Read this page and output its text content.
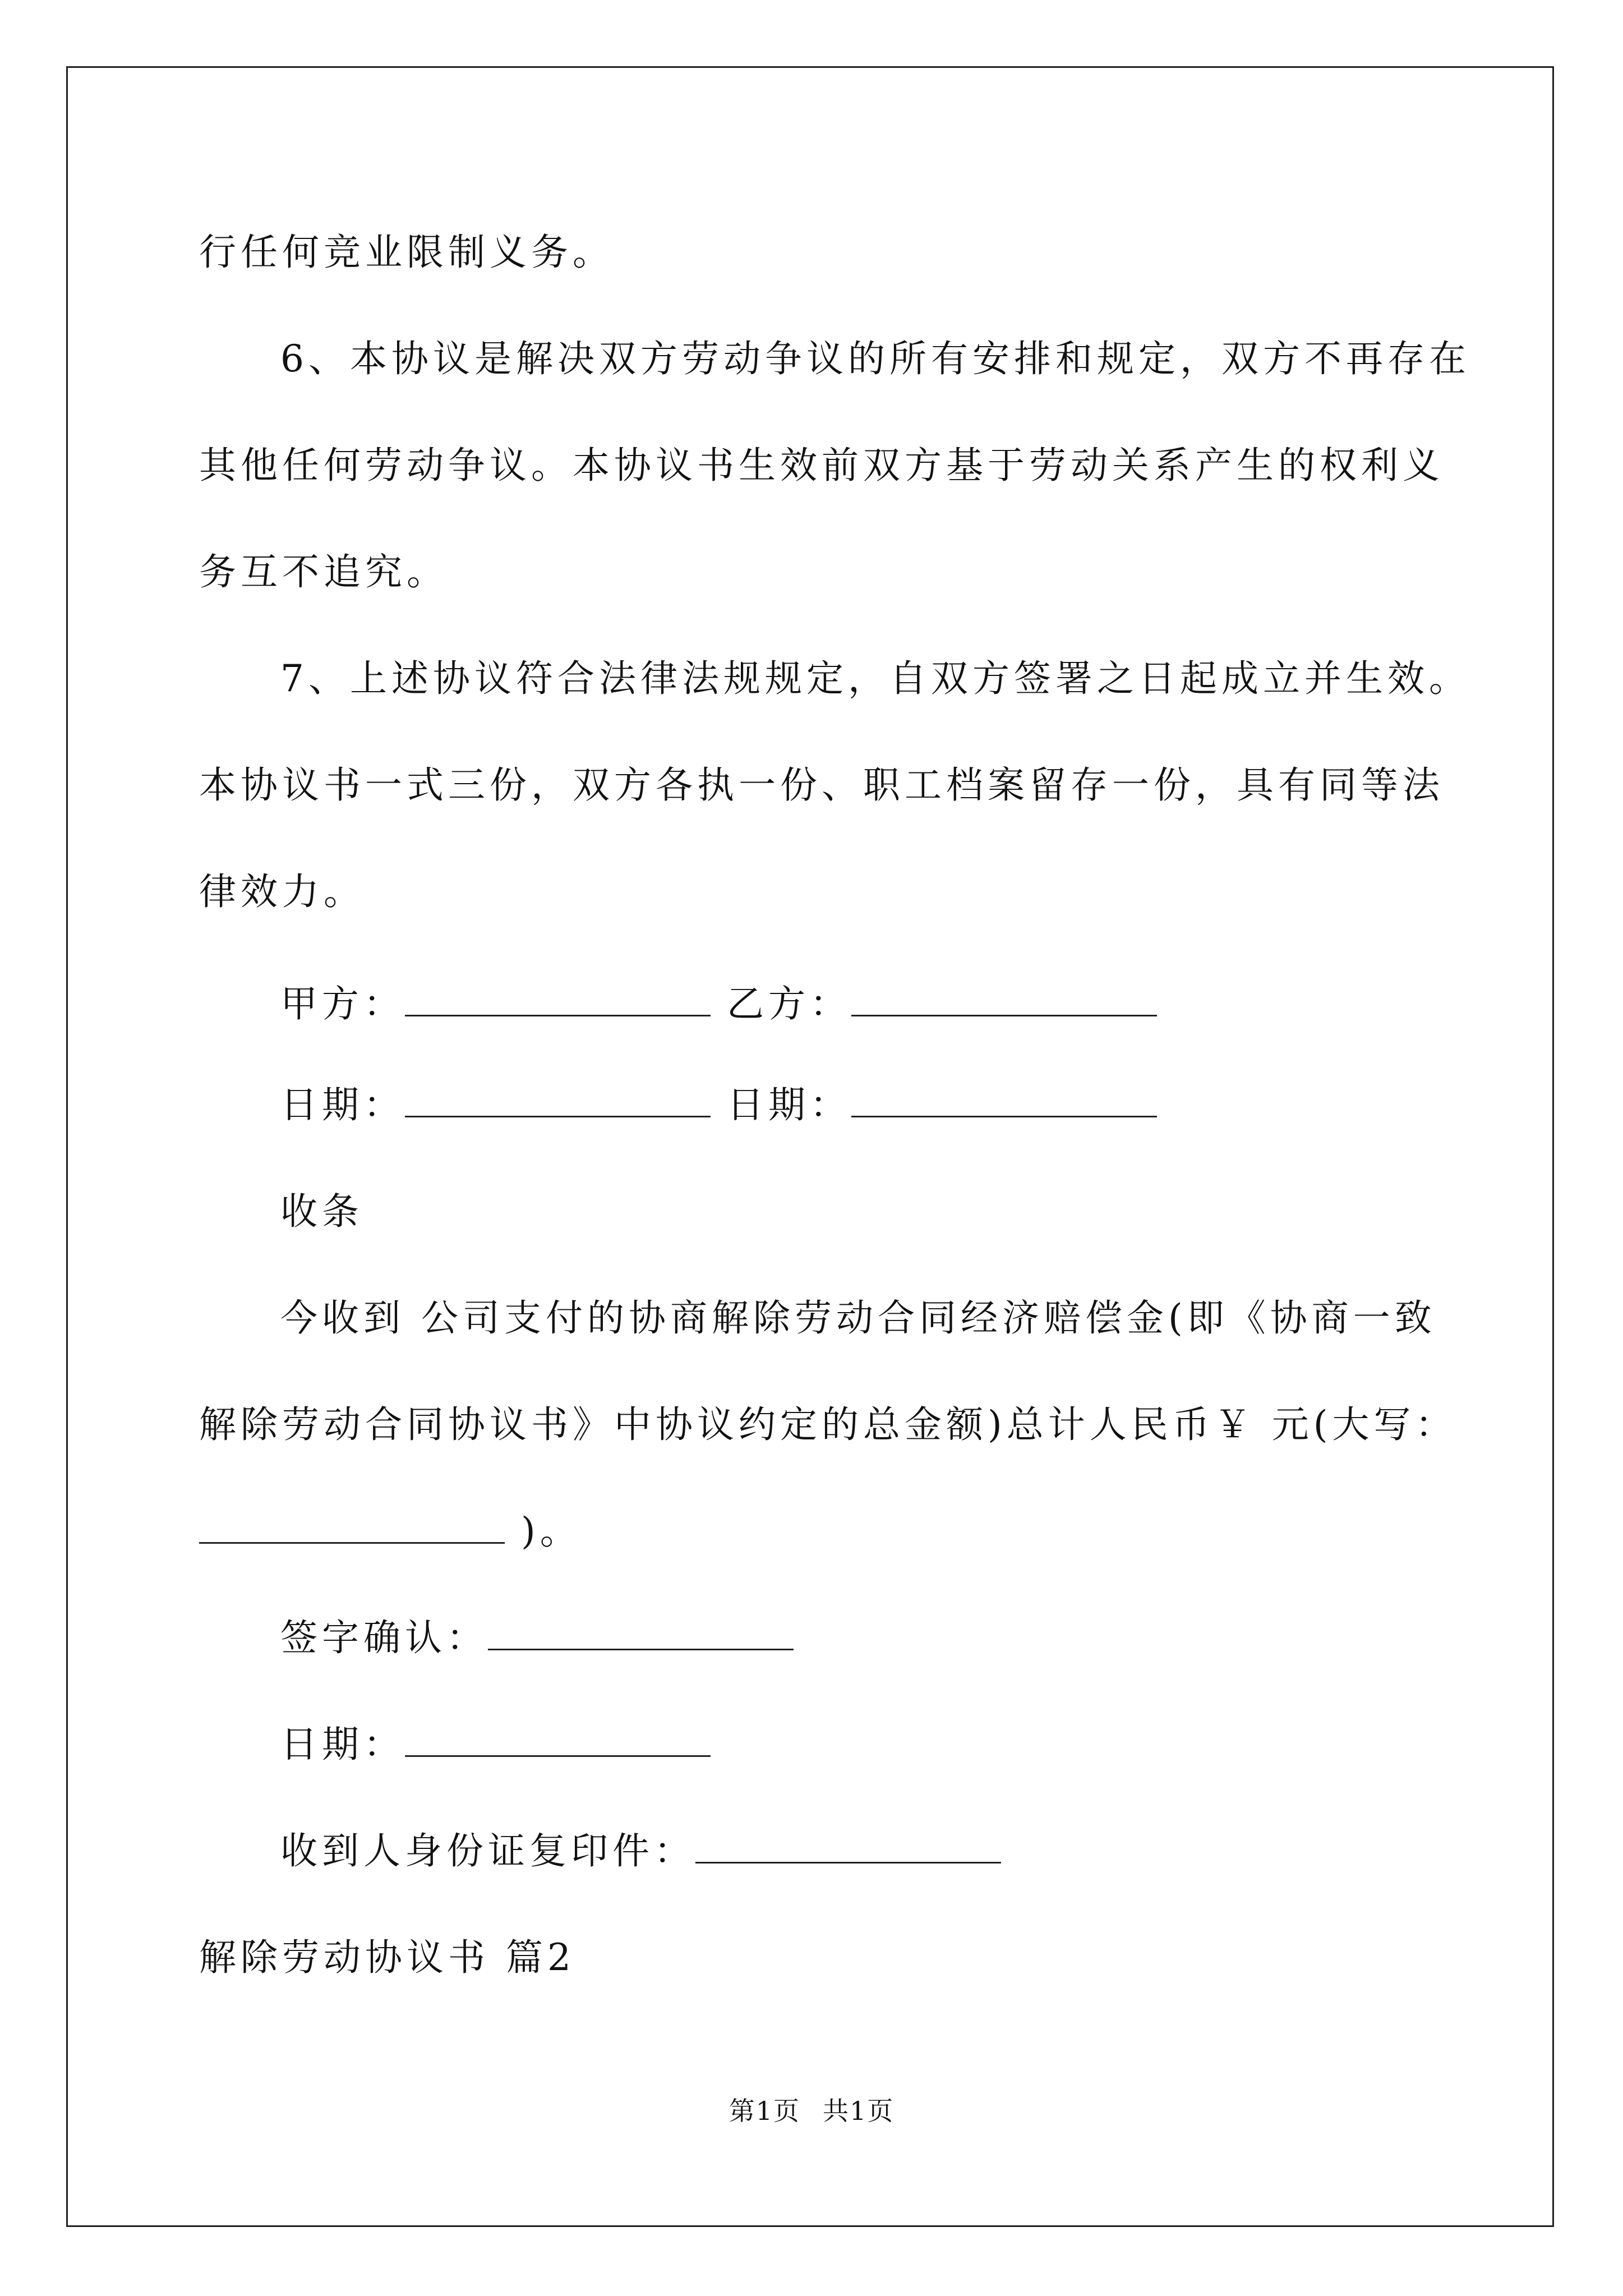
行任何竞业限制义务。
6、本协议是解决双方劳动争议的所有安排和规定，双方不再存在
其他任何劳动争议。本协议书生效前双方基于劳动关系产生的权利义
务互不追究。
7、上述协议符合法律法规规定，自双方签署之日起成立并生效。
本协议书一式三份，双方各执一份、职工档案留存一份，具有同等法
律效力。
甲方：	乙方：
日期：	日期：
收条
今收到 公司支付的协商解除劳动合同经济赔偿金(即《协商一致
解除劳动合同协议书》中协议约定的总金额)总计人民币￥ 元(大写：
)。
签字确认：
日期：
收到人身份证复印件：
解除劳动协议书 篇2
第1页 共1页
